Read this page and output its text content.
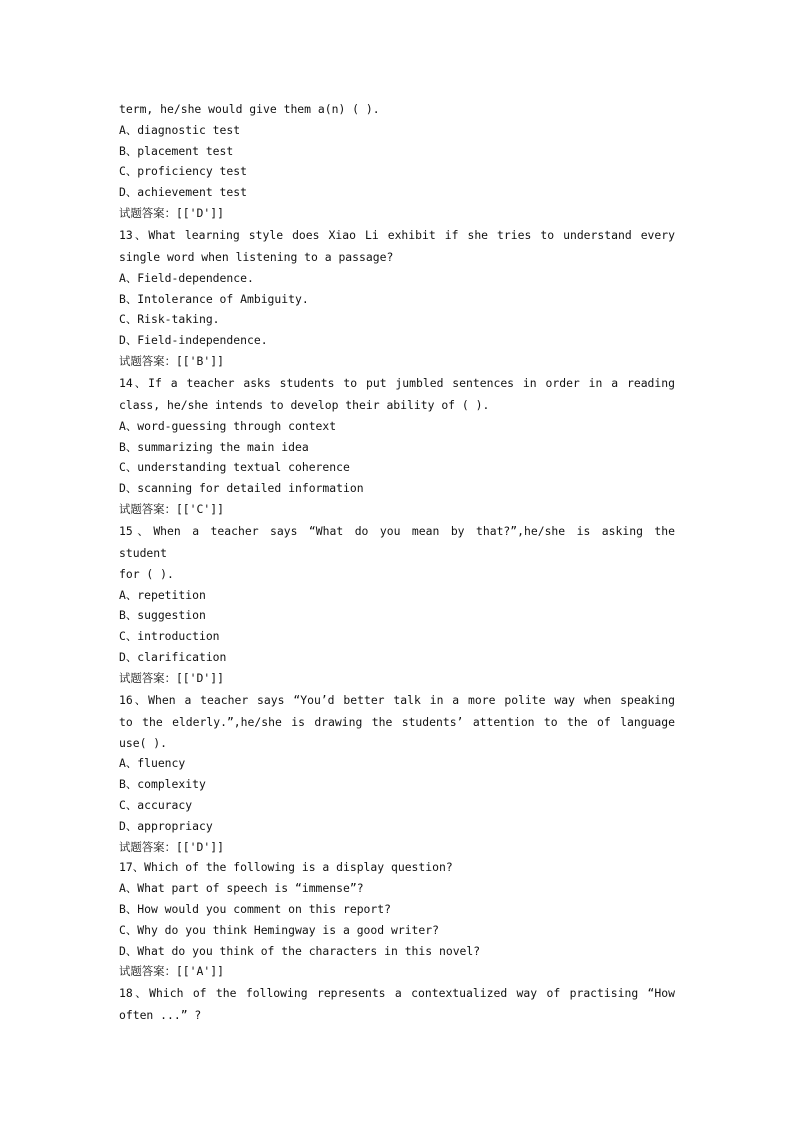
term, he/she would give them a(n) ( ).
A、diagnostic test
B、placement test
C、proficiency test
D、achievement test
试题答案：[['D']]
13、What learning style does Xiao Li exhibit if she tries to understand every
single word when listening to a passage?
A、Field-dependence.
B、Intolerance of Ambiguity.
C、Risk-taking.
D、Field-independence.
试题答案：[['B']]
14、If a teacher asks students to put jumbled sentences in order in a reading
class, he/she intends to develop their ability of ( ).
A、word-guessing through context
B、summarizing the main idea
C、understanding textual coherence
D、scanning for detailed information
试题答案：[['C']]
15、When a teacher says “What do you mean by that?”,he/she is asking the
student
for ( ).
A、repetition
B、suggestion
C、introduction
D、clarification
试题答案：[['D']]
16、When a teacher says “You’d better talk in a more polite way when speaking
to the elderly.”,he/she is drawing the students’ attention to the of language
use( ).
A、fluency
B、complexity
C、accuracy
D、appropriacy
试题答案：[['D']]
17、Which of the following is a display question?
A、What part of speech is “immense”?
B、How would you comment on this report?
C、Why do you think Hemingway is a good writer?
D、What do you think of the characters in this novel?
试题答案：[['A']]
18、Which of the following represents a contextualized way of practising “How
often ...” ?
